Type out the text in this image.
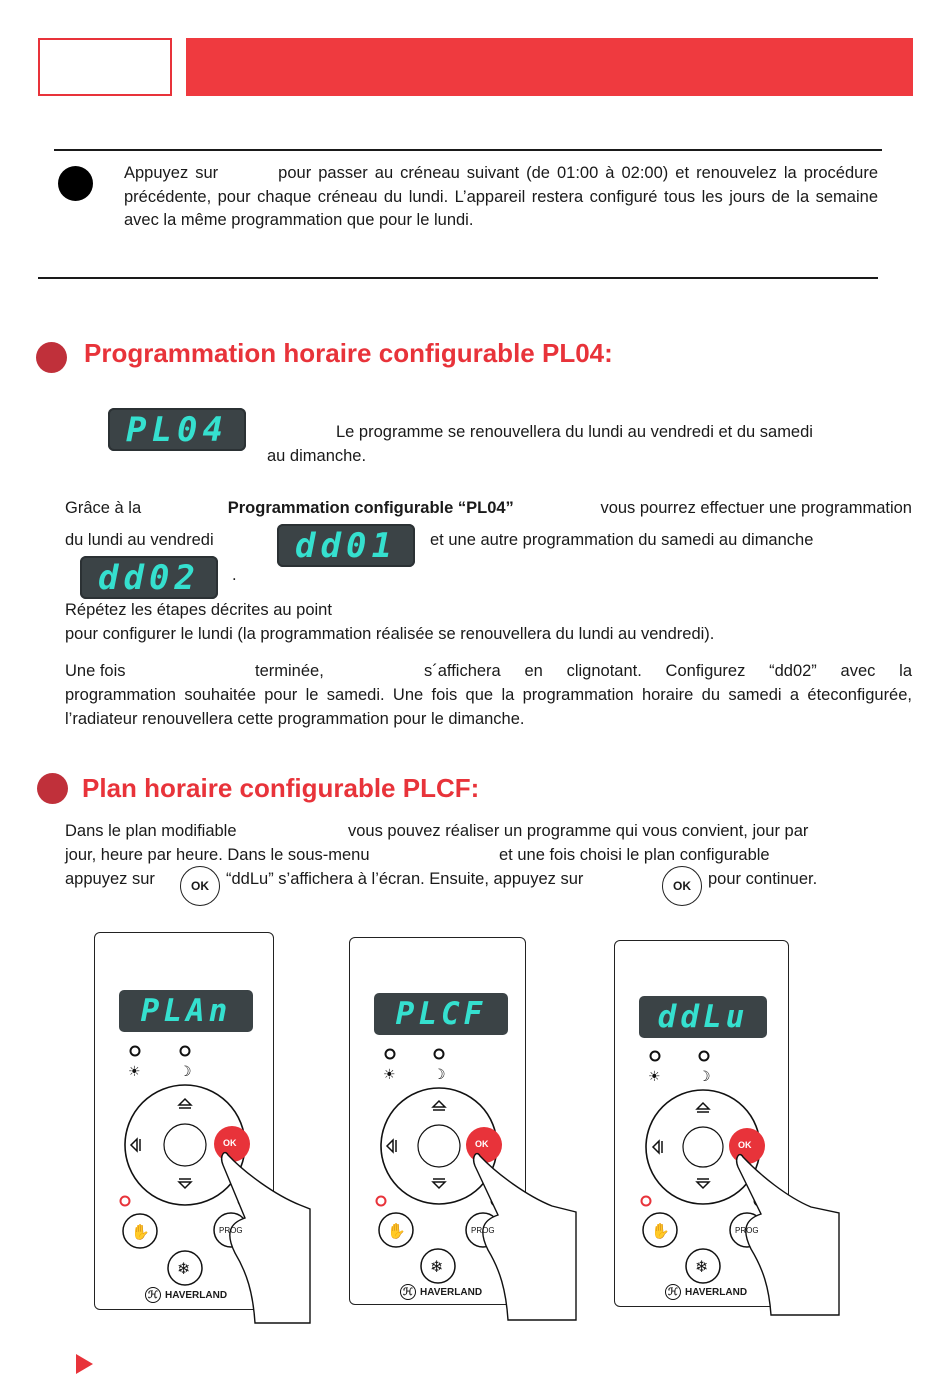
Appuyez sur	pour passer au créneau suivant (de 01:00 à 02:00) et renouvelez la procédure précédente, pour chaque créneau du lundi. L’appareil restera configuré tous les jours de la semaine avec la même programmation que pour le lundi.
Programmation horaire configurable PL04:
PL04	Le programme se renouvellera du lundi au vendredi et du samedi
au dimanche.
Grâce à la	Programmation configurable “PL04”	vous pourrez effectuer une programmation
du lundi au vendredi	dd01	et une autre programmation du samedi au dimanche
dd02	.
Répétez les étapes décrites au point
pour configurer le lundi (la programmation réalisée se renouvellera du lundi au vendredi).
Une fois	terminée,	s´affichera en clignotant. Configurez “dd02” avec la
programmation souhaitée pour le samedi. Une fois que la programmation horaire du samedi a éteconfigurée, l’radiateur renouvellera cette programmation pour le dimanche.
Plan horaire configurable PLCF:
Dans le plan modifiable	vous pouvez réaliser un programme qui vous convient, jour par
jour, heure par heure. Dans le sous-menu	et une fois choisi le plan configurable
appuyez sur	OK	“ddLu” s’affichera à l’écran. Ensuite, appuyez sur	OK	pour continuer.
PLAn
☀	☽
✋
❄
OK
PROG
ℋ HAVERLAND
PLCF
☀	☽
✋
❄
OK
PROG
ℋ HAVERLAND
ddLu
☀	☽
✋
❄
OK
PROG
ℋ HAVERLAND
